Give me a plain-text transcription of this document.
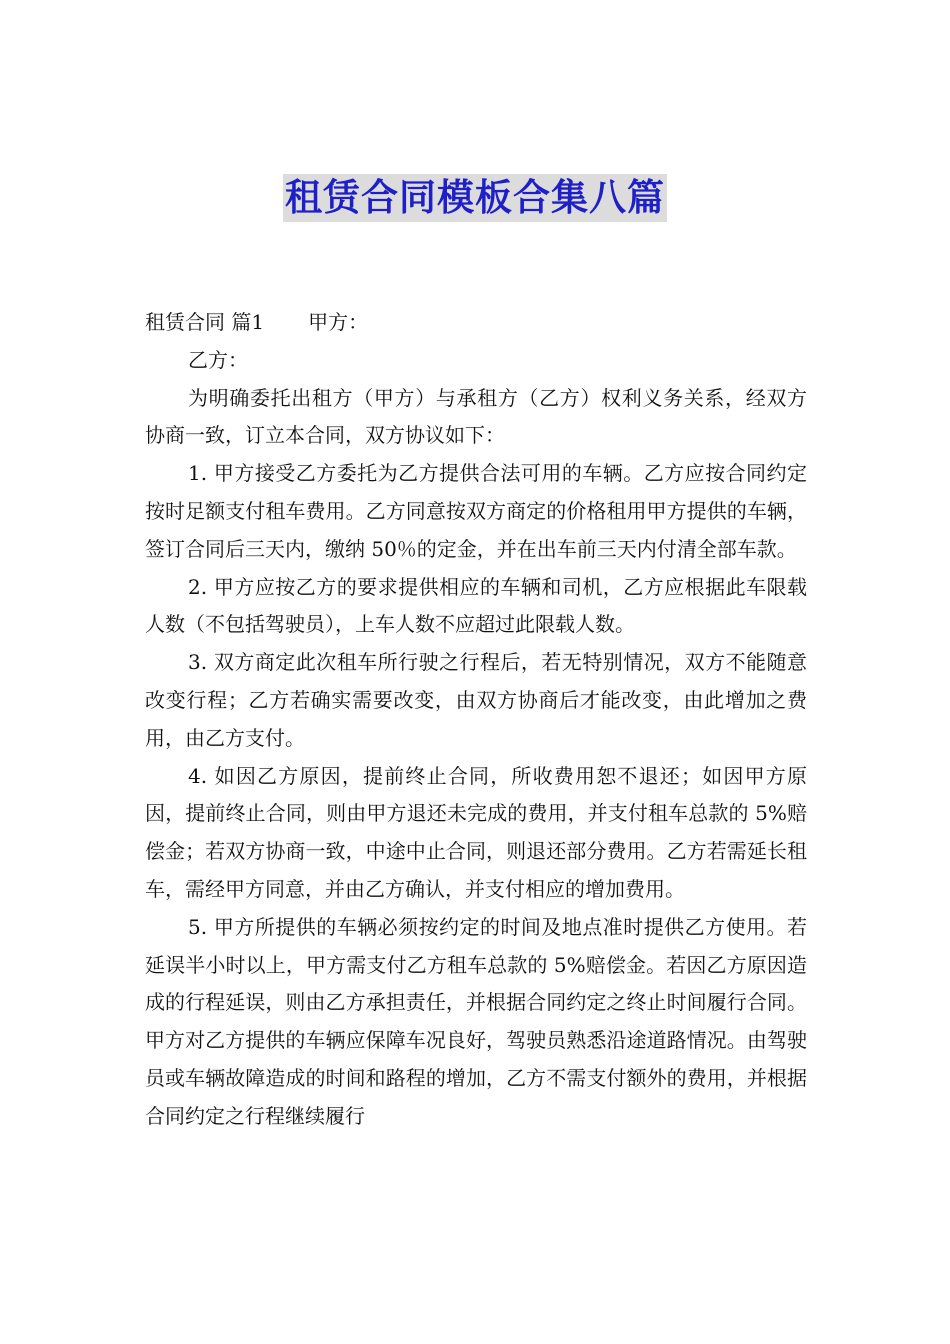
租赁合同模板合集八篇

租赁合同 篇1 甲方：

乙方：

为明确委托出租方（甲方）与承租方（乙方）权利义务关系，经双方协商一致，订立本合同，双方协议如下：

1. 甲方接受乙方委托为乙方提供合法可用的车辆。乙方应按合同约定按时足额支付租车费用。乙方同意按双方商定的价格租用甲方提供的车辆，签订合同后三天内，缴纳 50％的定金，并在出车前三天内付清全部车款。

2. 甲方应按乙方的要求提供相应的车辆和司机，乙方应根据此车限载人数（不包括驾驶员），上车人数不应超过此限载人数。

3. 双方商定此次租车所行驶之行程后，若无特别情况，双方不能随意改变行程；乙方若确实需要改变，由双方协商后才能改变，由此增加之费用，由乙方支付。

4. 如因乙方原因，提前终止合同，所收费用恕不退还；如因甲方原因，提前终止合同，则由甲方退还未完成的费用，并支付租车总款的 5%赔偿金；若双方协商一致，中途中止合同，则退还部分费用。乙方若需延长租车，需经甲方同意，并由乙方确认，并支付相应的增加费用。

5. 甲方所提供的车辆必须按约定的时间及地点准时提供乙方使用。若延误半小时以上，甲方需支付乙方租车总款的 5%赔偿金。若因乙方原因造成的行程延误，则由乙方承担责任，并根据合同约定之终止时间履行合同。甲方对乙方提供的车辆应保障车况良好，驾驶员熟悉沿途道路情况。由驾驶员或车辆故障造成的时间和路程的增加，乙方不需支付额外的费用，并根据合同约定之行程继续履行
